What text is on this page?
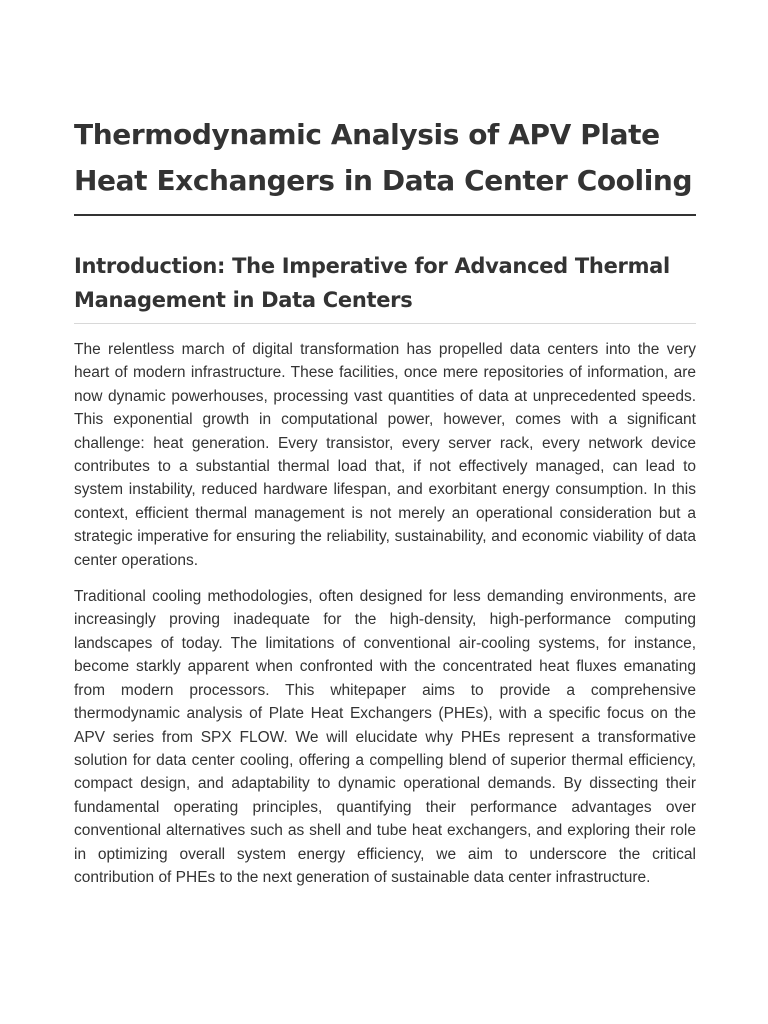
Thermodynamic Analysis of APV Plate Heat Exchangers in Data Center Cooling
Introduction: The Imperative for Advanced Thermal Management in Data Centers

The relentless march of digital transformation has propelled data centers into the very heart of modern infrastructure. These facilities, once mere repositories of information, are now dynamic powerhouses, processing vast quantities of data at unprecedented speeds. This exponential growth in computational power, however, comes with a significant challenge: heat generation. Every transistor, every server rack, every network device contributes to a substantial thermal load that, if not effectively managed, can lead to system instability, reduced hardware lifespan, and exorbitant energy consumption. In this context, efficient thermal management is not merely an operational consideration but a strategic imperative for ensuring the reliability, sustainability, and economic viability of data center operations.

Traditional cooling methodologies, often designed for less demanding environments, are increasingly proving inadequate for the high-density, high-performance computing landscapes of today. The limitations of conventional air-cooling systems, for instance, become starkly apparent when confronted with the concentrated heat fluxes emanating from modern processors. This whitepaper aims to provide a comprehensive thermodynamic analysis of Plate Heat Exchangers (PHEs), with a specific focus on the APV series from SPX FLOW. We will elucidate why PHEs represent a transformative solution for data center cooling, offering a compelling blend of superior thermal efficiency, compact design, and adaptability to dynamic operational demands. By dissecting their fundamental operating principles, quantifying their performance advantages over conventional alternatives such as shell and tube heat exchangers, and exploring their role in optimizing overall system energy efficiency, we aim to underscore the critical contribution of PHEs to the next generation of sustainable data center infrastructure.
